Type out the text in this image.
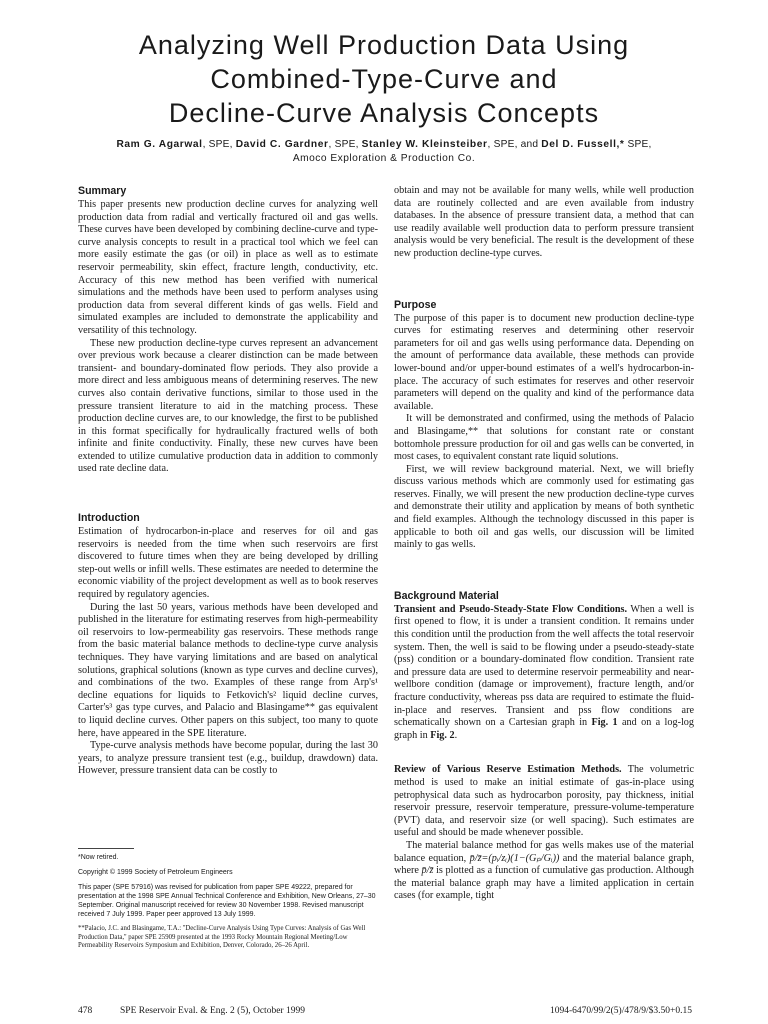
Analyzing Well Production Data Using
Combined-Type-Curve and
Decline-Curve Analysis Concepts
Ram G. Agarwal, SPE, David C. Gardner, SPE, Stanley W. Kleinsteiber, SPE, and Del D. Fussell,* SPE,
Amoco Exploration & Production Co.
Summary

This paper presents new production decline curves for analyzing well production data from radial and vertically fractured oil and gas wells. These curves have been developed by combining decline-curve and type-curve analysis concepts to result in a practical tool which we feel can more easily estimate the gas (or oil) in place as well as to estimate reservoir permeability, skin effect, fracture length, conductivity, etc. Accuracy of this new method has been verified with numerical simulations and the methods have been used to perform analyses using production data from several different kinds of gas wells. Field and simulated examples are included to demonstrate the applicability and versatility of this technology.

These new production decline-type curves represent an advancement over previous work because a clearer distinction can be made between transient- and boundary-dominated flow periods. They also provide a more direct and less ambiguous means of determining reserves. The new curves also contain derivative functions, similar to those used in the pressure transient literature to aid in the matching process. These production decline curves are, to our knowledge, the first to be published in this format specifically for hydraulically fractured wells of both infinite and finite conductivity. Finally, these new curves have been extended to utilize cumulative production data in addition to commonly used rate decline data.

Introduction

Estimation of hydrocarbon-in-place and reserves for oil and gas reservoirs is needed from the time when such reservoirs are first discovered to future times when they are being developed by drilling step-out wells or infill wells. These estimates are needed to determine the economic viability of the project development as well as to book reserves required by regulatory agencies.

During the last 50 years, various methods have been developed and published in the literature for estimating reserves from high-permeability oil reservoirs to low-permeability gas reservoirs. These methods range from the basic material balance methods to decline-type curve analysis techniques. They have varying limitations and are based on analytical solutions, graphical solutions (known as type curves and decline curves), and combinations of the two. Examples of these range from Arp's¹ decline equations for liquids to Fetkovich's² liquid decline curves, Carter's³ gas type curves, and Palacio and Blasingame** gas equivalent to liquid decline curves. Other papers on this subject, too many to quote here, have appeared in the SPE literature.

Type-curve analysis methods have become popular, during the last 30 years, to analyze pressure transient test (e.g., buildup, drawdown) data. However, pressure transient data can be costly to

obtain and may not be available for many wells, while well production data are routinely collected and are even available from industry databases. In the absence of pressure transient data, a method that can use readily available well production data to perform pressure transient analysis would be very beneficial. The result is the development of these new production decline-type curves.

Purpose

The purpose of this paper is to document new production decline-type curves for estimating reserves and determining other reservoir parameters for oil and gas wells using performance data. Depending on the amount of performance data available, these methods can provide lower-bound and/or upper-bound estimates of a well's hydrocarbon-in-place. The accuracy of such estimates for reserves and other reservoir parameters will depend on the quality and kind of the performance data available.

It will be demonstrated and confirmed, using the methods of Palacio and Blasingame,** that solutions for constant rate or constant bottomhole pressure production for oil and gas wells can be converted, in most cases, to equivalent constant rate liquid solutions.

First, we will review background material. Next, we will briefly discuss various methods which are commonly used for estimating gas reserves. Finally, we will present the new production decline-type curves and demonstrate their utility and application by means of both synthetic and field examples. Although the technology discussed in this paper is applicable to both oil and gas wells, our discussion will be limited mainly to gas wells.

Background Material

Transient and Pseudo-Steady-State Flow Conditions. When a well is first opened to flow, it is under a transient condition. It remains under this condition until the production from the well affects the total reservoir system. Then, the well is said to be flowing under a pseudo-steady-state (pss) condition or a boundary-dominated flow condition. Transient rate and pressure data are used to determine reservoir permeability and near-wellbore condition (damage or improvement), fracture length, and/or fracture conductivity, whereas pss data are required to estimate the fluid-in-place and reserves. Transient and pss flow conditions are schematically shown on a Cartesian graph in Fig. 1 and on a log-log graph in Fig. 2.

Review of Various Reserve Estimation Methods. The volumetric method is used to make an initial estimate of gas-in-place using petrophysical data such as hydrocarbon porosity, pay thickness, initial reservoir pressure, reservoir temperature, pressure-volume-temperature (PVT) data, and reservoir size (or well spacing). Such estimates are useful and should be made whenever possible.

The material balance method for gas wells makes use of the material balance equation, p̄/z̄=(pᵢ/zᵢ)(1−(Gₚ/Gᵢ)) and the material balance graph, where p̄/z̄ is plotted as a function of cumulative gas production. Although the material balance graph may have a limited application in certain cases (for example, tight

*Now retired.

Copyright © 1999 Society of Petroleum Engineers

This paper (SPE 57916) was revised for publication from paper SPE 49222, prepared for presentation at the 1998 SPE Annual Technical Conference and Exhibition, New Orleans, 27–30 September. Original manuscript received for review 30 November 1998. Revised manuscript received 7 July 1999. Paper peer approved 13 July 1999.

**Palacio, J.C. and Blasingame, T.A.: ''Decline-Curve Analysis Using Type Curves: Analysis of Gas Well Production Data,'' paper SPE 25909 presented at the 1993 Rocky Mountain Regional Meeting/Low Permeability Reservoirs Symposium and Exhibition, Denver, Colorado, 26–26 April.

478	SPE Reservoir Eval. & Eng. 2 (5), October 1999	1094-6470/99/2(5)/478/9/$3.50+0.15
